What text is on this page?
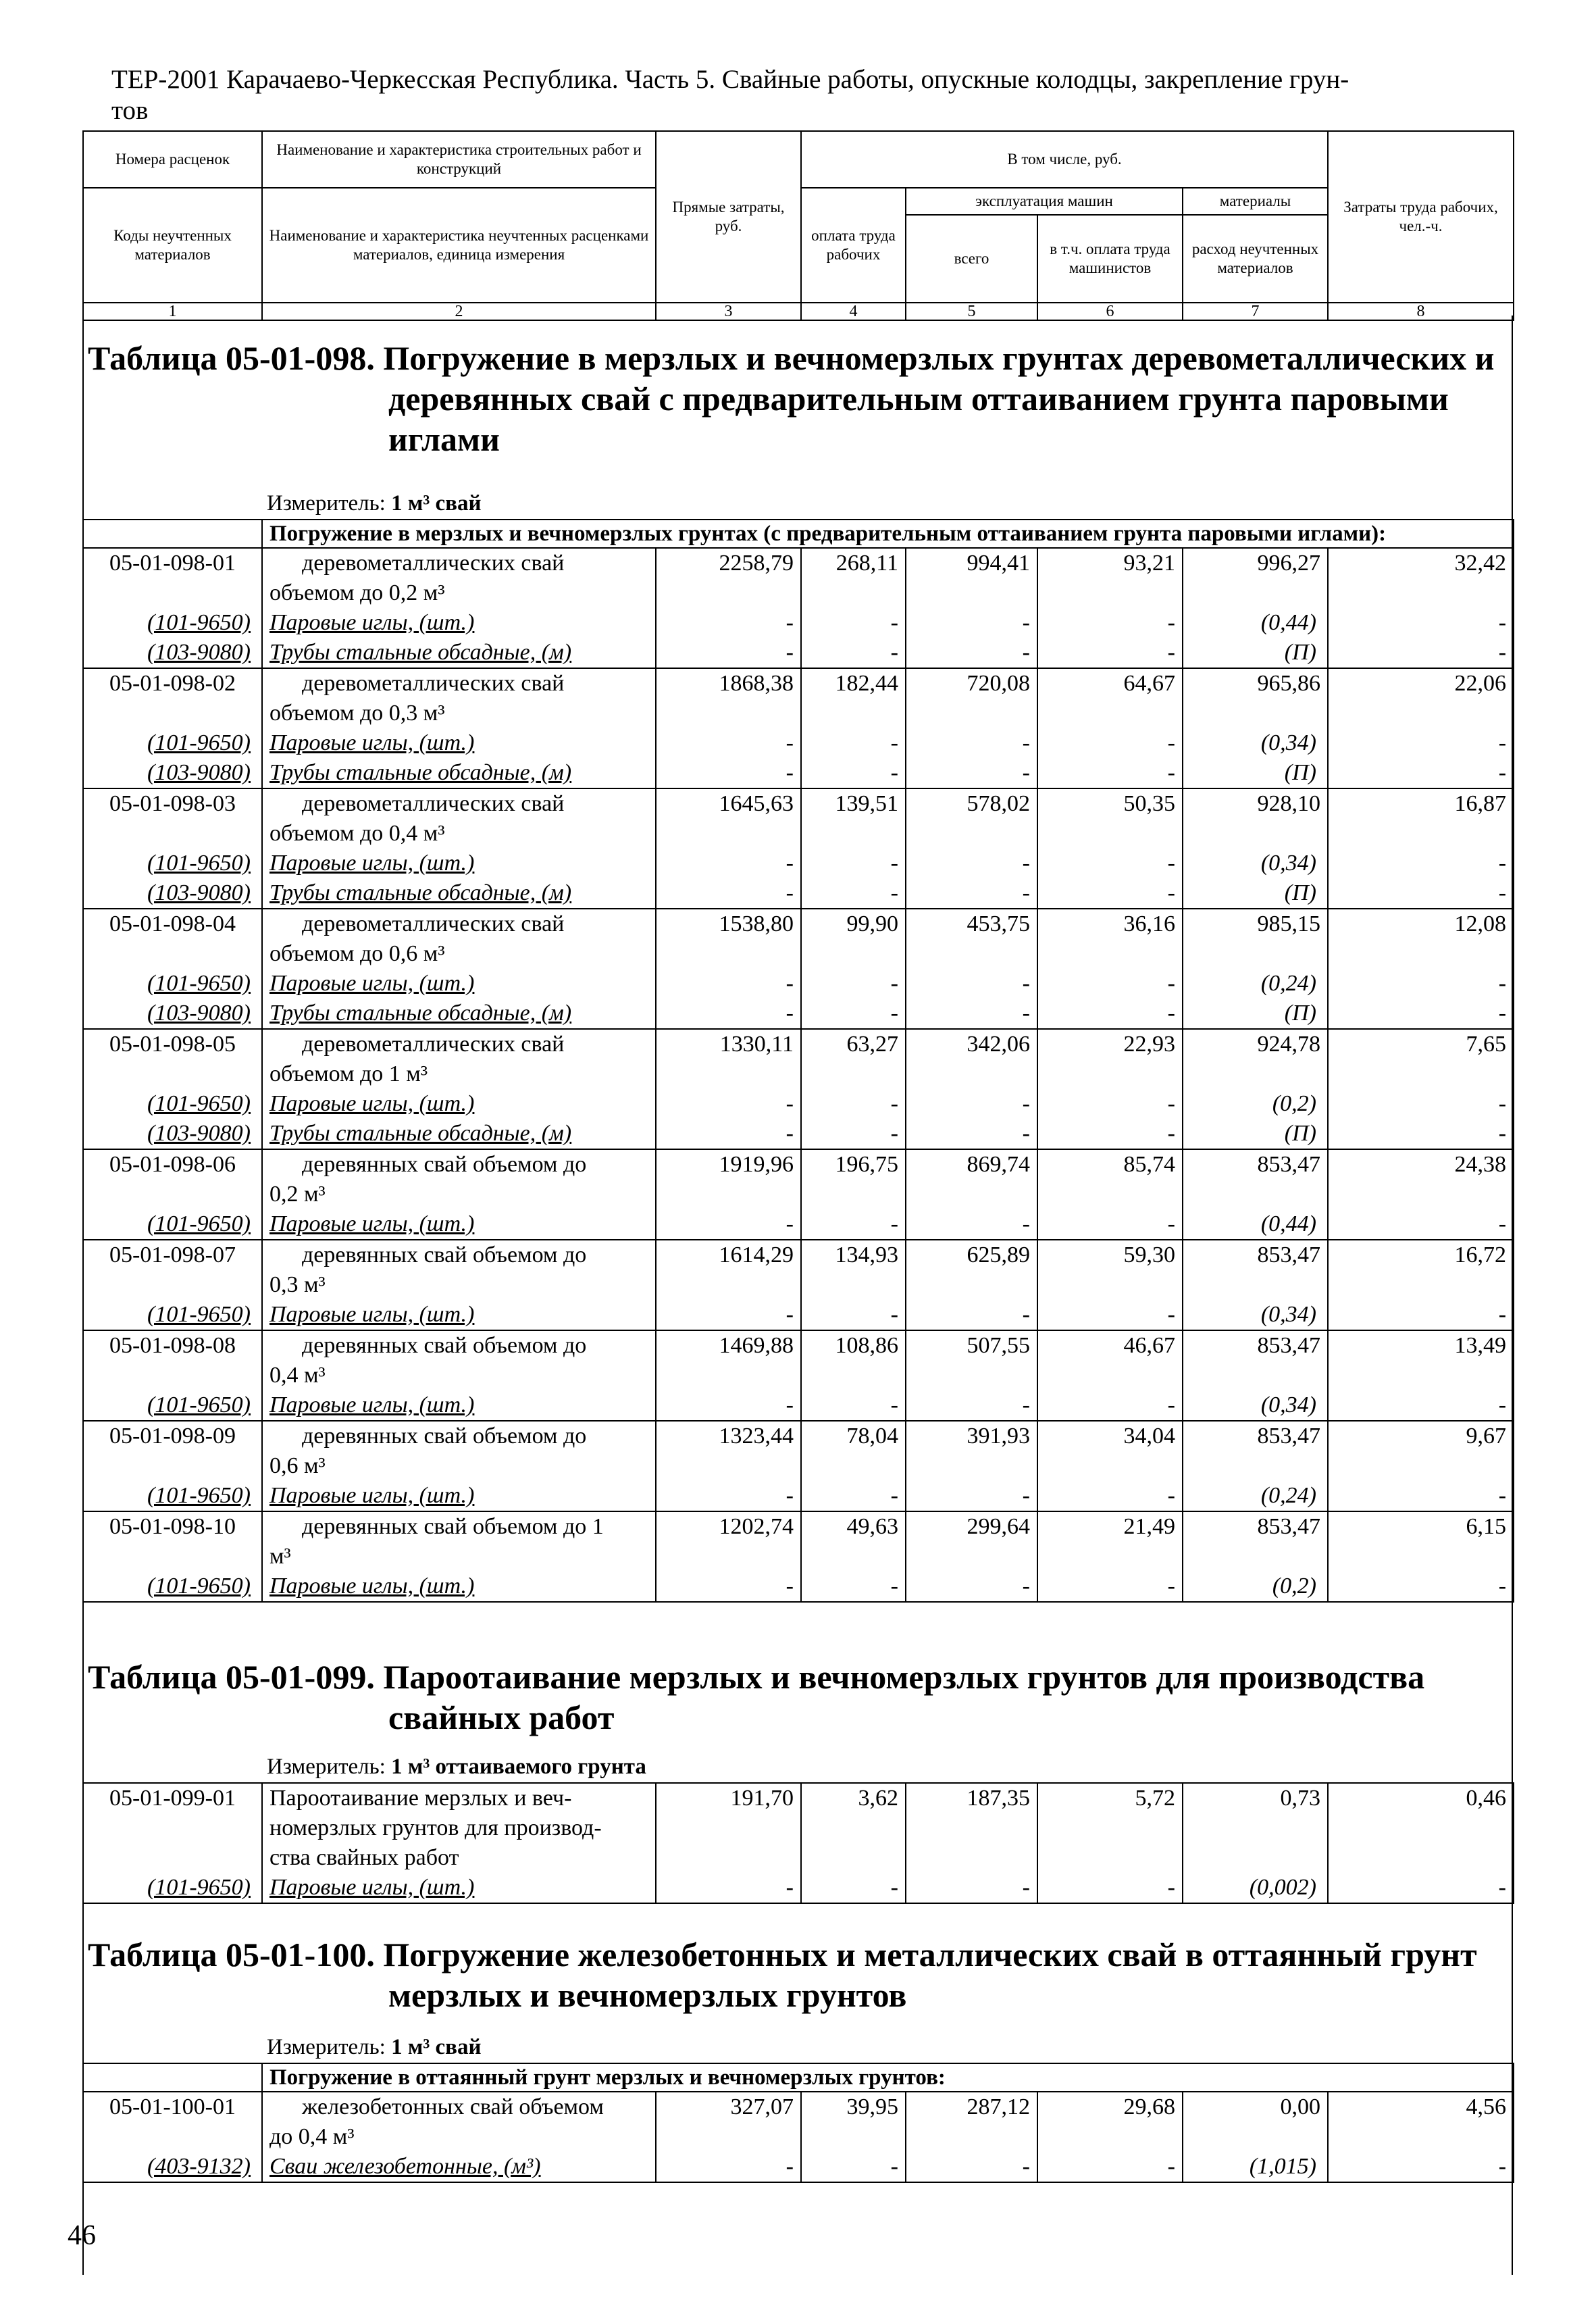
ТЕР-2001 Карачаево-Черкесская Республика. Часть 5. Свайные работы, опускные колодцы, закрепление грун-
тов
Номера расценок	Наименование и характеристика строительных работ и конструкций	Прямые затраты, руб.	В том числе, руб.				Затраты труда рабочих, чел.-ч.
Коды неучтенных материалов	Наименование и характеристика неучтенных расценками материалов, единица измерения		оплата труда рабочих	эксплуатация машин		материалы	
				всего	в т.ч. оплата труда машинистов	расход неучтенных материалов	
1	2	3	4	5	6	7	8
Таблица 05-01-098. Погружение в мерзлых и вечномерзлых грунтах деревометаллических и
деревянных свай с предварительным оттаиванием грунта паровыми
иглами
Измеритель: 1 м³ свай
	Погружение в мерзлых и вечномерзлых грунтах (с предварительным оттаиванием грунта паровыми иглами):						
05-01-098-01	деревометаллических свай
объемом до 0,2 м³	2258,79	268,11	994,41	93,21	996,27	32,42
(101-9650)	Паровые иглы, (шт.)	-	-	-	-	(0,44)	-
(103-9080)	Трубы стальные обсадные, (м)	-	-	-	-	(П)	-
05-01-098-02	деревометаллических свай
объемом до 0,3 м³	1868,38	182,44	720,08	64,67	965,86	22,06
(101-9650)	Паровые иглы, (шт.)	-	-	-	-	(0,34)	-
(103-9080)	Трубы стальные обсадные, (м)	-	-	-	-	(П)	-
05-01-098-03	деревометаллических свай
объемом до 0,4 м³	1645,63	139,51	578,02	50,35	928,10	16,87
(101-9650)	Паровые иглы, (шт.)	-	-	-	-	(0,34)	-
(103-9080)	Трубы стальные обсадные, (м)	-	-	-	-	(П)	-
05-01-098-04	деревометаллических свай
объемом до 0,6 м³	1538,80	99,90	453,75	36,16	985,15	12,08
(101-9650)	Паровые иглы, (шт.)	-	-	-	-	(0,24)	-
(103-9080)	Трубы стальные обсадные, (м)	-	-	-	-	(П)	-
05-01-098-05	деревометаллических свай
объемом до 1 м³	1330,11	63,27	342,06	22,93	924,78	7,65
(101-9650)	Паровые иглы, (шт.)	-	-	-	-	(0,2)	-
(103-9080)	Трубы стальные обсадные, (м)	-	-	-	-	(П)	-
05-01-098-06	деревянных свай объемом до
0,2 м³	1919,96	196,75	869,74	85,74	853,47	24,38
(101-9650)	Паровые иглы, (шт.)	-	-	-	-	(0,44)	-
05-01-098-07	деревянных свай объемом до
0,3 м³	1614,29	134,93	625,89	59,30	853,47	16,72
(101-9650)	Паровые иглы, (шт.)	-	-	-	-	(0,34)	-
05-01-098-08	деревянных свай объемом до
0,4 м³	1469,88	108,86	507,55	46,67	853,47	13,49
(101-9650)	Паровые иглы, (шт.)	-	-	-	-	(0,34)	-
05-01-098-09	деревянных свай объемом до
0,6 м³	1323,44	78,04	391,93	34,04	853,47	9,67
(101-9650)	Паровые иглы, (шт.)	-	-	-	-	(0,24)	-
05-01-098-10	деревянных свай объемом до 1
м³	1202,74	49,63	299,64	21,49	853,47	6,15
(101-9650)	Паровые иглы, (шт.)	-	-	-	-	(0,2)	-
Таблица 05-01-099. Пароотаивание мерзлых и вечномерзлых грунтов для производства
свайных работ
Измеритель: 1 м³ оттаиваемого грунта
05-01-099-01	Пароотаивание мерзлых и веч-
номерзлых грунтов для производ-
ства свайных работ	191,70	3,62	187,35	5,72	0,73	0,46
(101-9650)	Паровые иглы, (шт.)	-	-	-	-	(0,002)	-
Таблица 05-01-100. Погружение железобетонных и металлических свай в оттаянный грунт
мерзлых и вечномерзлых грунтов
Измеритель: 1 м³ свай
	Погружение в оттаянный грунт мерзлых и вечномерзлых грунтов:						
05-01-100-01	железобетонных свай объемом
до 0,4 м³	327,07	39,95	287,12	29,68	0,00	4,56
(403-9132)	Сваи железобетонные, (м³)	-	-	-	-	(1,015)	-
46
